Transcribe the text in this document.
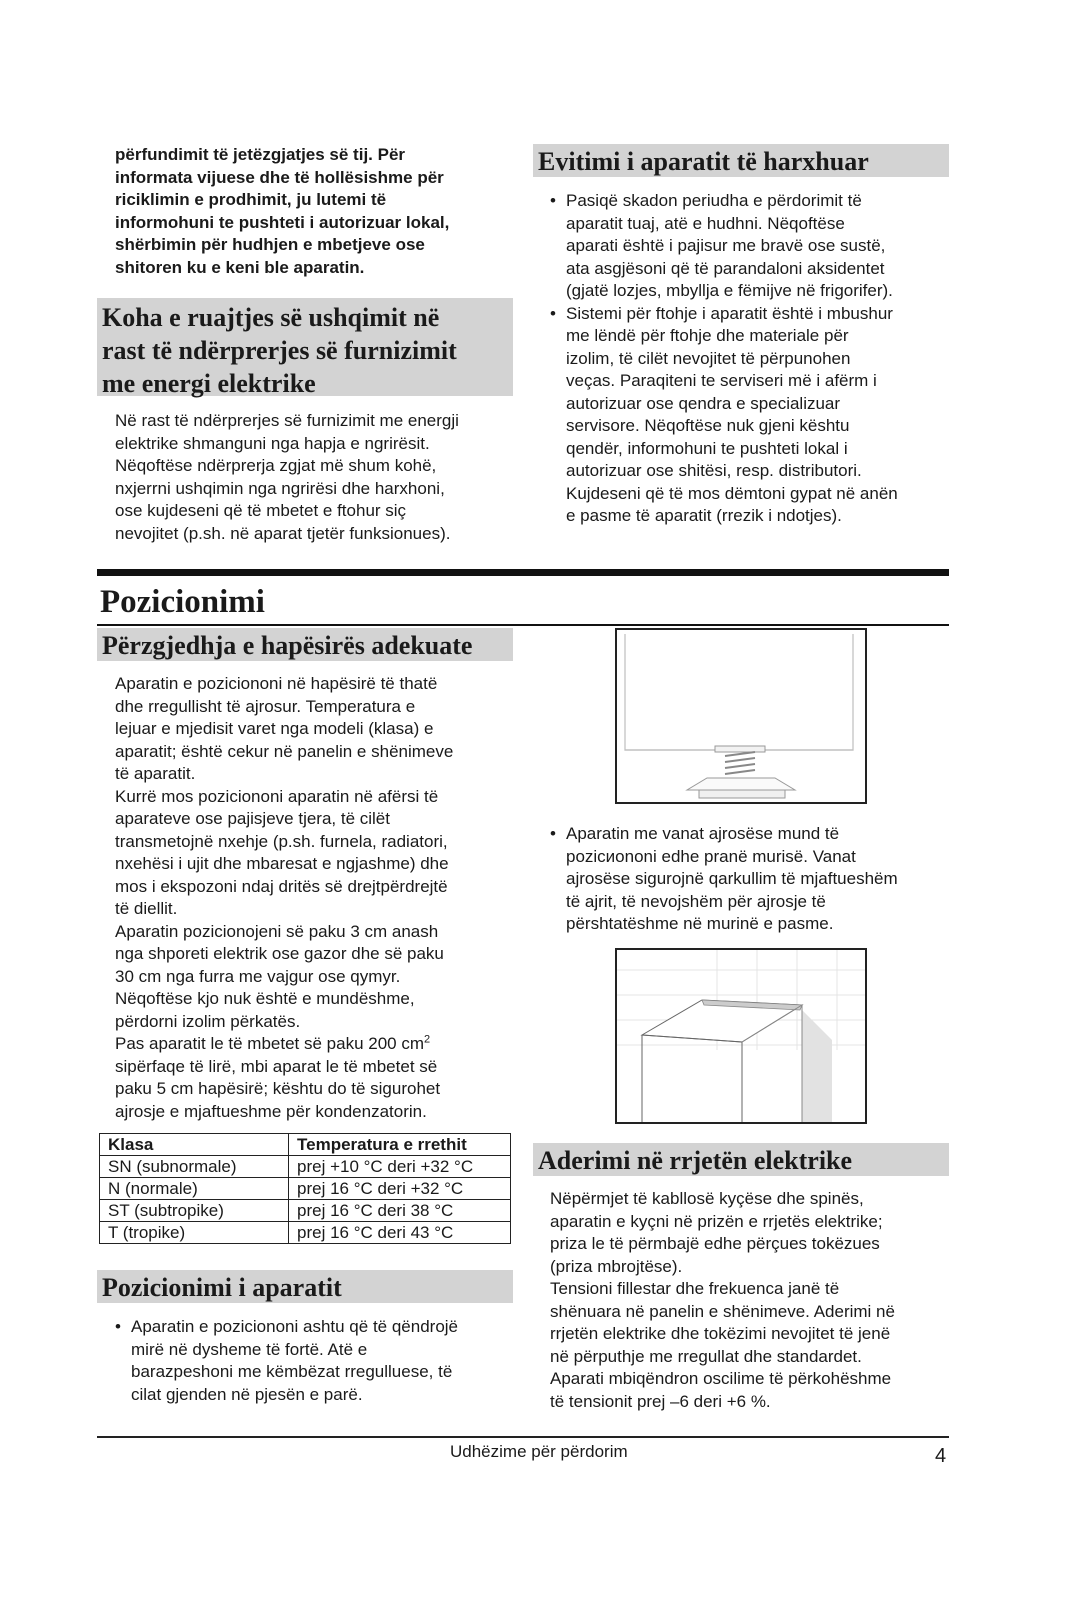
përfundimit të jetëzgjatjes së tij. Për
informata vijuese dhe të hollësishme për
riciklimin e prodhimit, ju lutemi të
informohuni te pushteti i autorizuar lokal,
shërbimin për hudhjen e mbetjeve ose
shitoren ku e keni ble aparatin.
Koha e ruajtjes së ushqimit në
rast të ndërprerjes së furnizimit
me energi elektrike
Në rast të ndërprerjes së furnizimit me energji
elektrike shmanguni nga hapja e ngrirësit.
Nëqoftëse ndërprerja zgjat më shum kohë,
nxjerrni ushqimin nga ngrirësi dhe harxhoni,
ose kujdeseni që të mbetet e ftohur siç
nevojitet (p.sh. në aparat tjetër funksionues).
Evitimi i aparatit të harxhuar
• Pasiqë skadon periudha e përdorimit të
aparatit tuaj, atë e hudhni. Nëqoftëse
aparati është i pajisur me bravë ose sustë,
ata asgjësoni që të parandaloni aksidentet
(gjatë lozjes, mbyllja e fëmijve në frigorifer).
• Sistemi për ftohje i aparatit është i mbushur
me lëndë për ftohje dhe materiale për
izolim, të cilët nevojitet të përpunohen
veças. Paraqiteni te serviseri më i afërm i
autorizuar ose qendra e specializuar
servisore. Nëqoftëse nuk gjeni kështu
qendër, informohuni te pushteti lokal i
autorizuar ose shitësi, resp. distributori.
Kujdeseni që të mos dëmtoni gypat në anën
e pasme të aparatit (rrezik i ndotjes).
Pozicionimi
Përzgjedhja e hapësirës adekuate
Aparatin e poziciononi në hapësirë të thatë
dhe rregullisht të ajrosur. Temperatura e
lejuar e mjedisit varet nga modeli (klasa) e
aparatit; është cekur në panelin e shënimeve
të aparatit.
Kurrë mos poziciononi aparatin në afërsi të
aparateve ose pajisjeve tjera, të cilët
transmetojnë nxehje (p.sh. furnela, radiatori,
nxehësi i ujit dhe mbaresat e ngjashme) dhe
mos i ekspozoni ndaj dritës së drejtpërdrejtë
të diellit.
Aparatin pozicionojeni së paku 3 cm anash
nga shporeti elektrik ose gazor dhe së paku
30 cm nga furra me vajgur ose qymyr.
Nëqoftëse kjo nuk është e mundëshme,
përdorni izolim përkatës.
Pas aparatit le të mbetet së paku 200 $cm^2$
sipërfaqe të lirë, mbi aparat le të mbetet së
paku 5 cm hapësirë; kështu do të sigurohet
ajrosje e mjaftueshme për kondenzatorin.
Klasa	Temperatura e rrethit
SN (subnormale)	prej +10 °C deri +32 °C
N (normale)	prej 16 °C deri +32 °C
ST (subtropike)	prej 16 °C deri 38 °C
T (tropike)	prej 16 °C deri 43 °C
Pozicionimi i aparatit
• Aparatin e poziciononi ashtu që të qëndrojë
mirë në dysheme të fortë. Atë e
barazpeshoni me këmbëzat rregulluese, të
cilat gjenden në pjesën e parë.
• Aparatin me vanat ajrosëse mund të
pozicиononi edhe pranë murisë. Vanat
ajrosëse sigurojnë qarkullim të mjaftueshëm
të ajrit, të nevojshëm për ajrosje të
përshtatëshme në murinë e pasme.
Aderimi në rrjetën elektrike
Nëpërmjet të kabllosë kyçëse dhe spinës,
aparatin e kyçni në prizën e rrjetës elektrike;
priza le të përmbajë edhe përçues tokëzues
(priza mbrojtëse).
Tensioni fillestar dhe frekuenca janë të
shënuara në panelin e shënimeve. Aderimi në
rrjetën elektrike dhe tokëzimi nevojitet të jenë
në përputhje me rregullat dhe standardet.
Aparati mbiqëndron oscilime të përkohëshme
të tensionit prej –6 deri +6 %.
Udhëzime për përdorim	4
